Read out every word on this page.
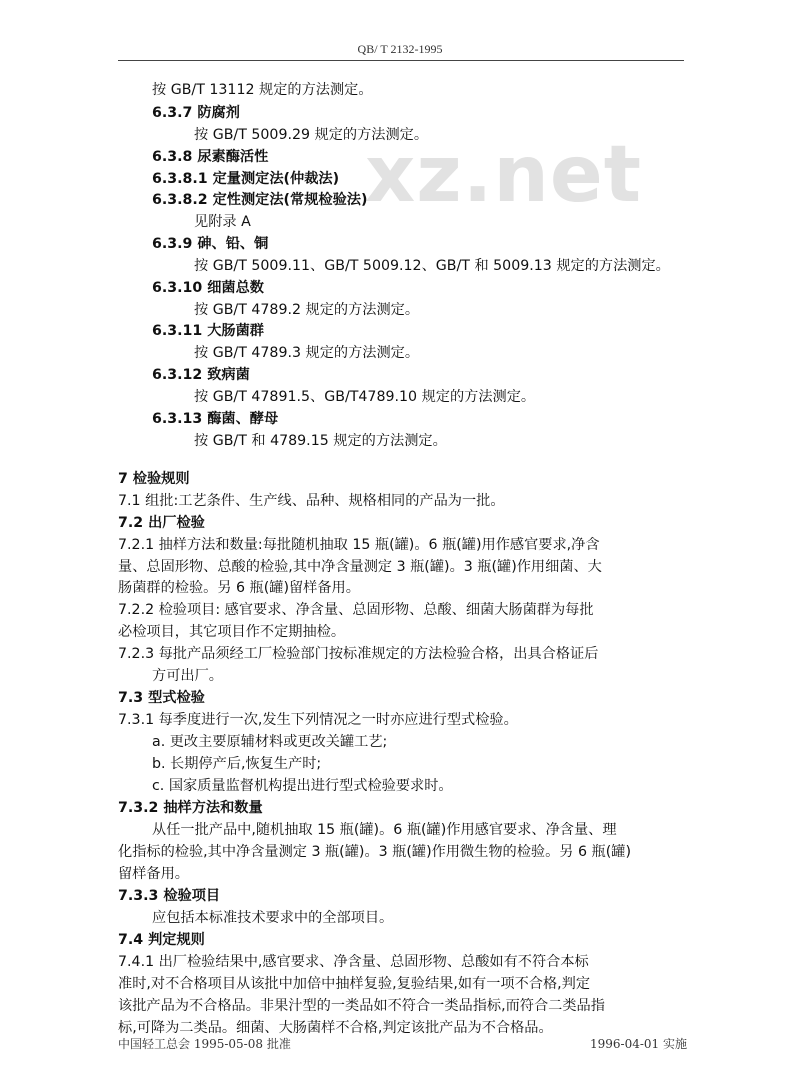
QB/ T 2132-1995
xz.net
按 GB/T 13112 规定的方法测定。
6.3.7 防腐剂
按 GB/T 5009.29 规定的方法测定。
6.3.8 尿素酶活性
6.3.8.1 定量测定法(仲裁法)
6.3.8.2 定性测定法(常规检验法)
见附录 A
6.3.9 砷、铅、铜
按 GB/T 5009.11、GB/T 5009.12、GB/T 和 5009.13 规定的方法测定。
6.3.10 细菌总数
按 GB/T 4789.2 规定的方法测定。
6.3.11 大肠菌群
按 GB/T 4789.3 规定的方法测定。
6.3.12 致病菌
按 GB/T 47891.5、GB/T4789.10 规定的方法测定。
6.3.13 酶菌、酵母
按 GB/T 和 4789.15 规定的方法测定。
7 检验规则
7.1 组批:工艺条件、生产线、品种、规格相同的产品为一批。
7.2 出厂检验
7.2.1 抽样方法和数量:每批随机抽取 15 瓶(罐)。6 瓶(罐)用作感官要求,净含
量、总固形物、总酸的检验,其中净含量测定 3 瓶(罐)。3 瓶(罐)作用细菌、大
肠菌群的检验。另 6 瓶(罐)留样备用。
7.2.2 检验项目: 感官要求、净含量、总固形物、总酸、细菌大肠菌群为每批
必检项目，其它项目作不定期抽检。
7.2.3 每批产品须经工厂检验部门按标准规定的方法检验合格，出具合格证后
方可出厂。
7.3 型式检验
7.3.1 每季度进行一次,发生下列情况之一时亦应进行型式检验。
a. 更改主要原辅材料或更改关罐工艺;
b. 长期停产后,恢复生产时;
c. 国家质量监督机构提出进行型式检验要求时。
7.3.2 抽样方法和数量
从任一批产品中,随机抽取 15 瓶(罐)。6 瓶(罐)作用感官要求、净含量、理
化指标的检验,其中净含量测定 3 瓶(罐)。3 瓶(罐)作用微生物的检验。另 6 瓶(罐)
留样备用。
7.3.3 检验项目
应包括本标准技术要求中的全部项目。
7.4 判定规则
7.4.1 出厂检验结果中,感官要求、净含量、总固形物、总酸如有不符合本标
准时,对不合格项目从该批中加倍中抽样复验,复验结果,如有一项不合格,判定
该批产品为不合格品。非果汁型的一类品如不符合一类品指标,而符合二类品指
标,可降为二类品。细菌、大肠菌样不合格,判定该批产品为不合格品。
中国轻工总会 1995-05-08 批准	1996-04-01 实施
